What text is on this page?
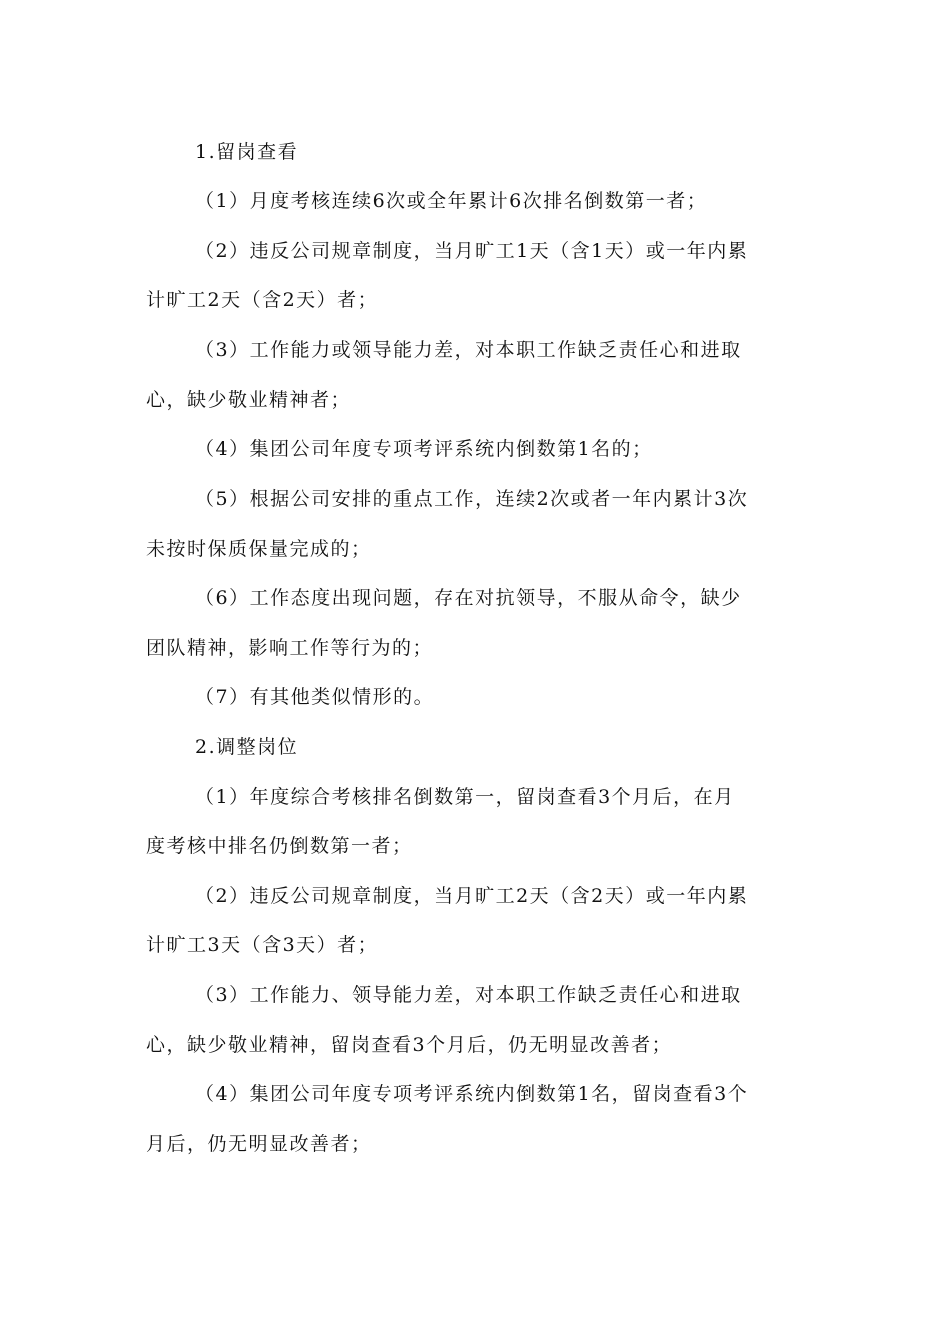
1.留岗查看
（1）月度考核连续6次或全年累计6次排名倒数第一者；
（2）违反公司规章制度，当月旷工1天（含1天）或一年内累
计旷工2天（含2天）者；
（3）工作能力或领导能力差，对本职工作缺乏责任心和进取
心，缺少敬业精神者；
（4）集团公司年度专项考评系统内倒数第1名的；
（5）根据公司安排的重点工作，连续2次或者一年内累计3次
未按时保质保量完成的；
（6）工作态度出现问题，存在对抗领导，不服从命令，缺少
团队精神，影响工作等行为的；
（7）有其他类似情形的。
2.调整岗位
（1）年度综合考核排名倒数第一，留岗查看3个月后，在月
度考核中排名仍倒数第一者；
（2）违反公司规章制度，当月旷工2天（含2天）或一年内累
计旷工3天（含3天）者；
（3）工作能力、领导能力差，对本职工作缺乏责任心和进取
心，缺少敬业精神，留岗查看3个月后，仍无明显改善者；
（4）集团公司年度专项考评系统内倒数第1名，留岗查看3个
月后，仍无明显改善者；
